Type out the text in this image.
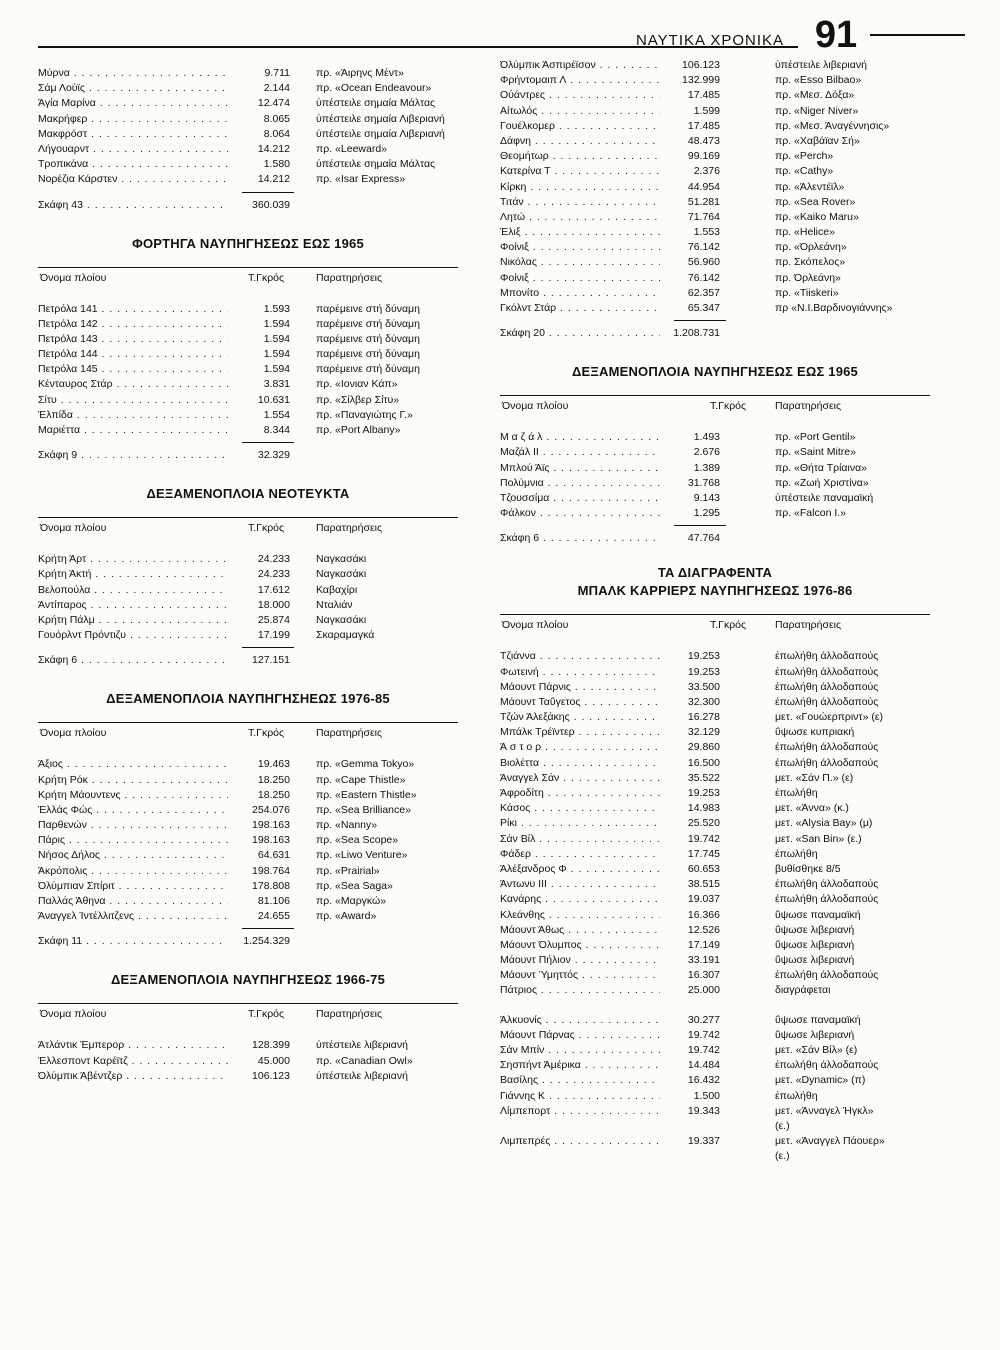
ΝΑΥΤΙΚΑ ΧΡΟΝΙΚΑ 91
Μύρνα . . .	9.711 πρ. «Άιρηνς Μέντ»
Σάμ Λούϊς . . .	2.144 πρ. «Ocean Endeavour»
Άγία Μαρίνα . . .	12.474 ύπέστειλε σημαία Μάλτας
Μακρήφερ . . .	8.065 ύπέστειλε σημαία Λιβεριανή
Μακφρόστ . . .	8.064 ύπέστειλε σημαία Λιβεριανή
Λήγουαρντ . . .	14.212 πρ. «Leeward»
Τροπικάνα . . .	1.580 ύπέστειλε σημαία Μάλτας
Νορέζια Κάρστεν . . .	14.212 πρ. «Isar Express»
Σκάφη 43 . . .	360.039
ΦΟΡΤΗΓΑ ΝΑΥΠΗΓΗΣΕΩΣ ΕΩΣ 1965
Όνομα πλοίου	Τ.Γκρός	Παρατηρήσεις
Πετρόλα 141 . . .	1.593 παρέμεινε στή δύναμη
Πετρόλα 142 . . .	1.594 παρέμεινε στή δύναμη
Πετρόλα 143 . . .	1.594 παρέμεινε στή δύναμη
Πετρόλα 144 . . .	1.594 παρέμεινε στή δύναμη
Πετρόλα 145 . . .	1.594 παρέμεινε στή δύναμη
Κένταυρος Στάρ . . .	3.831 πρ. «Ιονιαν Κάπ»
Σίτυ . . .	10.631 πρ. «Σίλβερ Σίτυ»
Έλπίδα . . .	1.554 πρ. «Παναγιώτης Γ.»
Μαριέττα . . .	8.344 πρ. «Port Albany»
Σκάφη 9 . . .	32.329
ΔΕΞΑΜΕΝΟΠΛΟΙΑ ΝΕΟΤΕΥΚΤΑ
Όνομα πλοίου	Τ.Γκρός	Παρατηρήσεις
Κρήτη Άρτ . . .	24.233 Ναγκασάκι
Κρήτη Άκτή . . .	24.233 Ναγκασάκι
Βελοπούλα . . .	17.612 Καβαχίρι
Άντίπαρος . . .	18.000 Νταλιάν
Κρήτη Πάλμ . . .	25.874 Ναγκασάκι
Γουόρλντ Πρόντιζυ . . .	17.199 Σκαραμαγκά
Σκάφη 6 . . .	127.151
ΔΕΞΑΜΕΝΟΠΛΟΙΑ ΝΑΥΠΗΓΗΣΗΕΩΣ 1976-85
Όνομα πλοίου	Τ.Γκρός	Παρατηρήσεις
Άξιος . . .	19.463 πρ. «Gemma Tokyo»
Κρήτη Ρόκ . . .	18.250 πρ. «Cape Thistle»
Κρήτη Μάουντενς . . .	18.250 πρ. «Eastern Thistle»
Έλλάς Φώς . . .	254.076 πρ. «Sea Brilliance»
Παρθενών . . .	198.163 πρ. «Nanny»
Πάρις . . .	198.163 πρ. «Sea Scope»
Νήσος Δήλος . . .	64.631 πρ. «Liwo Venture»
Άκρόπολις . . .	198.764 πρ. «Prairial»
Όλύμπιαν Σπίριτ . . .	178.808 πρ. «Sea Saga»
Παλλάς Άθηνα . . .	81.106 πρ. «Μαργκώ»
Άναγγελ Ίντέλλιτζενς . . .	24.655 πρ. «Award»
Σκάφη 11 . . .	1.254.329
ΔΕΞΑΜΕΝΟΠΛΟΙΑ ΝΑΥΠΗΓΗΣΕΩΣ 1966-75
Όνομα πλοίου	Τ.Γκρός	Παρατηρήσεις
Άτλάντικ Έμπερορ . . .	128.399 ύπέστειλε λιβεριανή
Έλλεσποντ Καρέϊτζ . . .	45.000 πρ. «Canadian Owl»
Όλύμπικ Άβέντζερ . . .	106.123 ύπέστειλε λιβεριανή
Όλύμπικ Άσπιρέϊσον . . .	106.123	ύπέστειλε λιβεριανή
Φρήντομαιπ Λ . . .	132.999	πρ. «Esso Bilbao»
Ούάντρες . . .	17.485	πρ. «Μεσ. Δόξα»
Αίτωλός . . .	1.599	πρ. «Niger Niver»
Γουέλκομερ . . .	17.485	πρ. «Μεσ. Άναγέννησις»
Δάφνη . . .	48.473	πρ. «Χαβάϊαν Σή»
Θεομήτωρ . . .	99.169	πρ. «Perch»
Κατερίνα Τ . . .	2.376	πρ. «Cathy»
Κίρκη . . .	44.954	πρ. «Άλεντέϊλ»
Τιτάν . . .	51.281	πρ. «Sea Rover»
Λητώ . . .	71.764	πρ. «Kaiko Maru»
Έλιξ . . .	1.553	πρ. «Helice»
Φοίνιξ . . .	76.142	πρ. «Όρλεάνη»
Νικόλας . . .	56.960	πρ. Σκόπελος»
Φοίνιξ . . .	76.142	πρ. Όρλεάνη»
Μπονίτο . . .	62.357	πρ. «Tiiskeri»
Γκόλντ Στάρ . . .	65.347	πρ «Ν.Ι.Βαρδινογιάννης»
Σκάφη 20 . . .	1.208.731
ΔΕΞΑΜΕΝΟΠΛΟΙΑ ΝΑΥΠΗΓΗΣΕΩΣ ΕΩΣ 1965
Όνομα πλοίου	Τ.Γκρός	Παρατηρήσεις
Μ α ζ ά λ . . .	1.493	πρ. «Port Gentil»
Μαζάλ ΙΙ . . .	2.676	πρ. «Saint Mitre»
Μπλού Άϊς . . .	1.389	πρ. «Θήτα Τρίαινα»
Πολύμνια . . .	31.768	πρ. «Ζωή Χριστίνα»
Τζουσσίμα . . .	9.143	ύπέστειλε παναμαϊκή
Φάλκον . . .	1.295	πρ. «Falcon I.»
Σκάφη 6 . . .	47.764
ΤΑ ΔΙΑΓΡΑΦΕΝΤΑ
ΜΠΑΛΚ ΚΑΡΡΙΕΡΣ ΝΑΥΠΗΓΗΣΕΩΣ 1976-86
Όνομα πλοίου	Τ.Γκρός	Παρατηρήσεις
Τζιάννα . . .	19.253	έπωλήθη άλλοδαπούς
Φωτεινή . . .	19.253	έπωλήθη άλλοδαπούς
Μάουντ Πάρνις . . .	33.500	έπωλήθη άλλοδαπούς
Μάουντ Ταΰγετος . . .	32.300	έπωλήθη άλλοδαπούς
Τζών Άλεξάκης . . .	16.278	μετ. «Γουώερπριντ» (ε)
Μπάλκ Τρέϊντερ . . .	32.129	ΰψωσε κυπριακή
Ά σ τ ο ρ . . .	29.860	έπωλήθη άλλοδαπούς
Βιολέττα . . .	16.500	έπωλήθη άλλοδαπούς
Άναγγελ Σάν . . .	35.522	μετ. «Σάν Π.» (ε)
Άφροδίτη . . .	19.253	έπωλήθη
Κάσος . . .	14.983	μετ. «Άννα» (κ.)
Ρίκι . . .	25.520	μετ. «Alysia Bay» (μ)
Σάν Βίλ . . .	19.742	μετ. «San Bin» (ε.)
Φάδερ . . .	17.745	έπωλήθη
Άλέξανδρος Φ . . .	60.653	βυθίσθηκε 8/5
Άντωνυ ΙΙΙ . . .	38.515	έπωλήθη άλλοδαπούς
Κανάρης . . .	19.037	έπωλήθη άλλοδαπούς
Κλεάνθης . . .	16.366	ΰψωσε παναμαϊκή
Μάουντ Άθως . . .	12.526	ΰψωσε λιβεριανή
Μάουντ Όλυμπος . . .	17.149	ΰψωσε λιβεριανή
Μάουντ Πήλιον . . .	33.191	ΰψωσε λιβεριανή
Μάουντ Ύμηττός . . .	16.307	έπωλήθη άλλοδαπούς
Πάτριος . . .	25.000	διαγράφεται
Άλκυονίς . . .	30.277	ΰψωσε παναμαϊκή
Μάουντ Πάρνας . . .	19.742	ΰψωσε λιβεριανή
Σάν Μπίν . . .	19.742	μετ. «Σάν Βίλ» (ε)
Σησπήντ Άμέρικα . . .	14.484	έπωλήθη άλλοδαπούς
Βασίλης . . .	16.432	μετ. «Dynamic» (π)
Γιάννης Κ . . .	1.500	έπωλήθη
Λίμπεπορτ . . .	19.343	μετ. «Άνναγελ Ήγκλ»
(ε.)
Λιμπεπρές . . .	19.337	μετ. «Άναγγελ Πάουερ»
(ε.)
